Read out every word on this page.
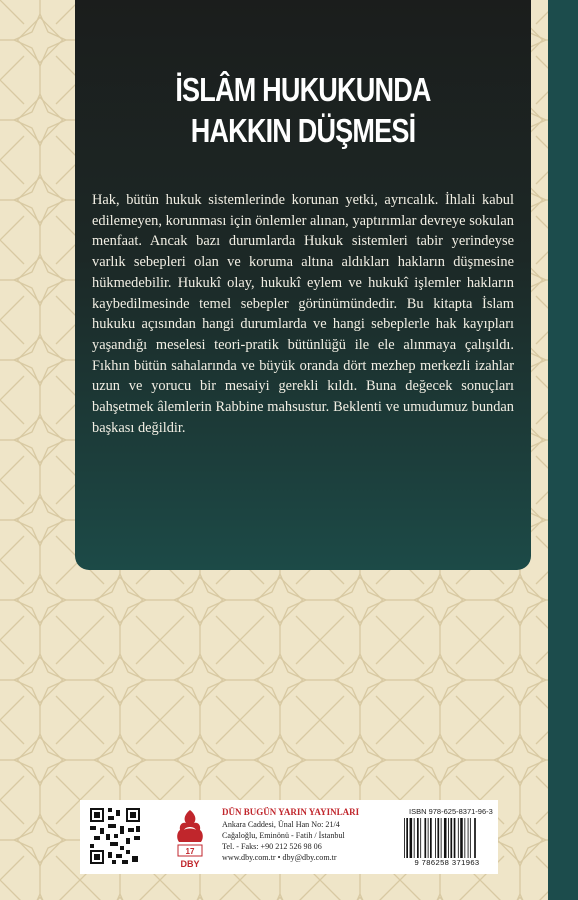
İSLÂM HUKUKUNDA
HAKKIN DÜŞMESİ

Hak, bütün hukuk sistemlerinde korunan yetki, ayrıcalık. İhlali kabul edilemeyen, korunması için önlemler alınan, yaptırımlar devreye sokulan menfaat. Ancak bazı durumlarda Hukuk sistemleri tabir yerindeyse varlık sebepleri olan ve koruma altına aldıkları hakların düşmesine hükmedebilir. Hukukî olay, hukukî eylem ve hukukî işlemler hakların kaybedilmesinde temel sebepler görünümündedir. Bu kitapta İslam hukuku açısından hangi durumlarda ve hangi sebeplerle hak kayıpları yaşandığı meselesi teori-pratik bütünlüğü ile ele alınmaya çalışıldı. Fıkhın bütün sahalarında ve büyük oranda dört mezhep merkezli izahlar uzun ve yorucu bir mesaiyi gerekli kıldı. Buna değecek sonuçları bahşetmek âlemlerin Rabbine mahsustur. Beklenti ve umudumuz bundan başkası değildir.

17
DBY
DÜN BUGÜN YARIN YAYINLARI
Ankara Caddesi, Ünal Han No: 21/4
Cağaloğlu, Eminönü - Fatih / İstanbul
Tel. - Faks: +90 212 526 98 06
www.dby.com.tr • dby@dby.com.tr
ISBN 978-625-8371-96-3
9 786258 371963
